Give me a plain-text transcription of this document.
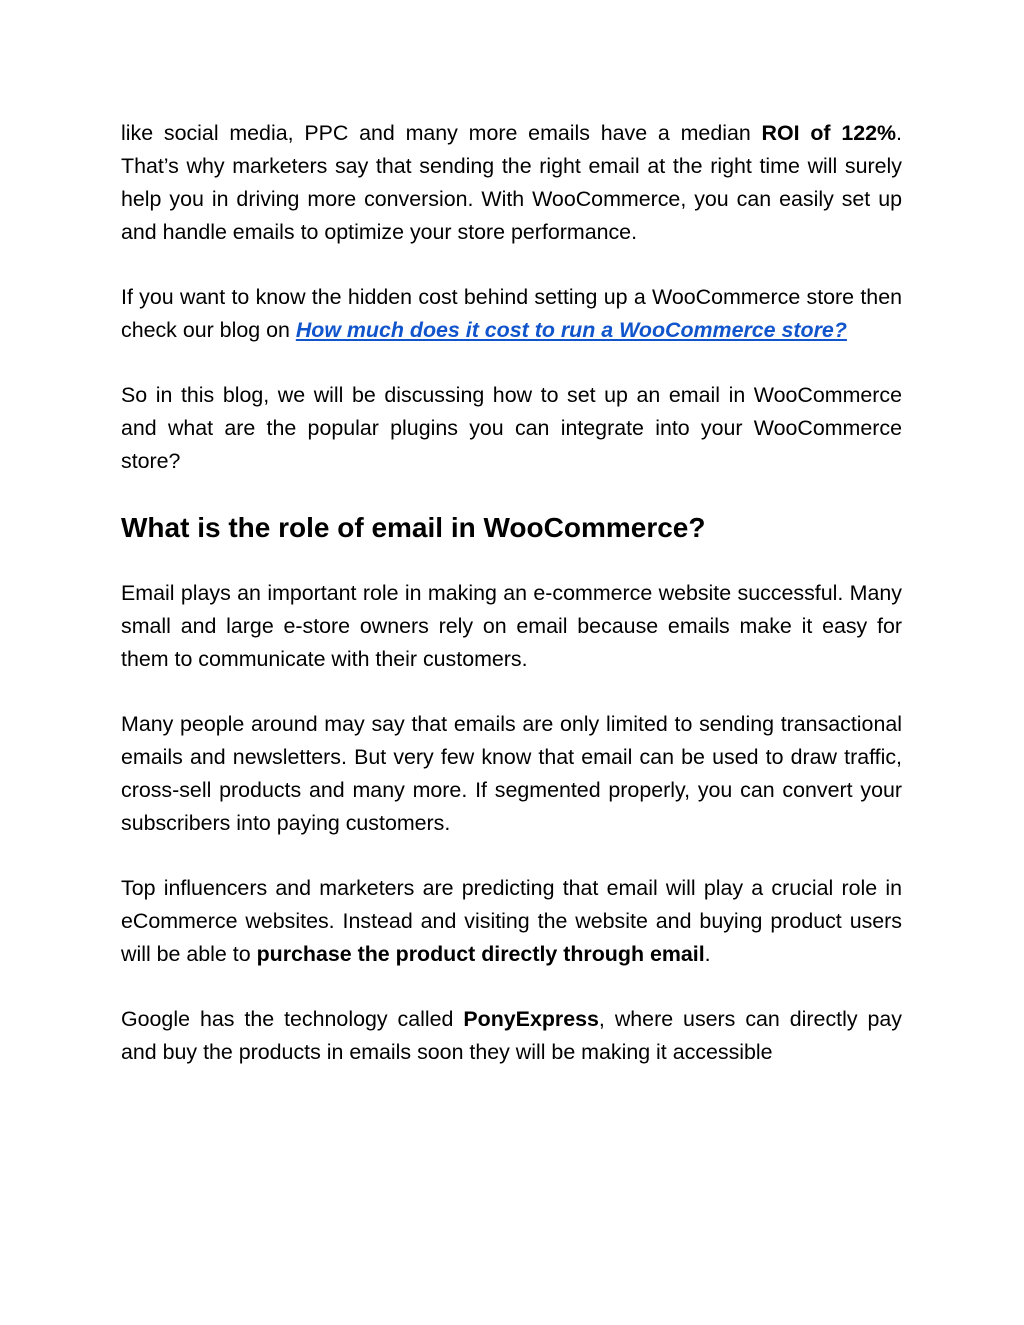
like social media, PPC and many more emails have a median ROI of 122%. That’s why marketers say that sending the right email at the right time will surely help you in driving more conversion. With WooCommerce, you can easily set up and handle emails to optimize your store performance.

If you want to know the hidden cost behind setting up a WooCommerce store then check our blog on How much does it cost to run a WooCommerce store?

So in this blog, we will be discussing how to set up an email in WooCommerce and what are the popular plugins you can integrate into your WooCommerce store?

What is the role of email in WooCommerce?

Email plays an important role in making an e-commerce website successful. Many small and large e-store owners rely on email because emails make it easy for them to communicate with their customers.

Many people around may say that emails are only limited to sending transactional emails and newsletters. But very few know that email can be used to draw traffic, cross-sell products and many more. If segmented properly, you can convert your subscribers into paying customers.

Top influencers and marketers are predicting that email will play a crucial role in eCommerce websites. Instead and visiting the website and buying product users will be able to purchase the product directly through email.

Google has the technology called PonyExpress, where users can directly pay and buy the products in emails soon they will be making it accessible
